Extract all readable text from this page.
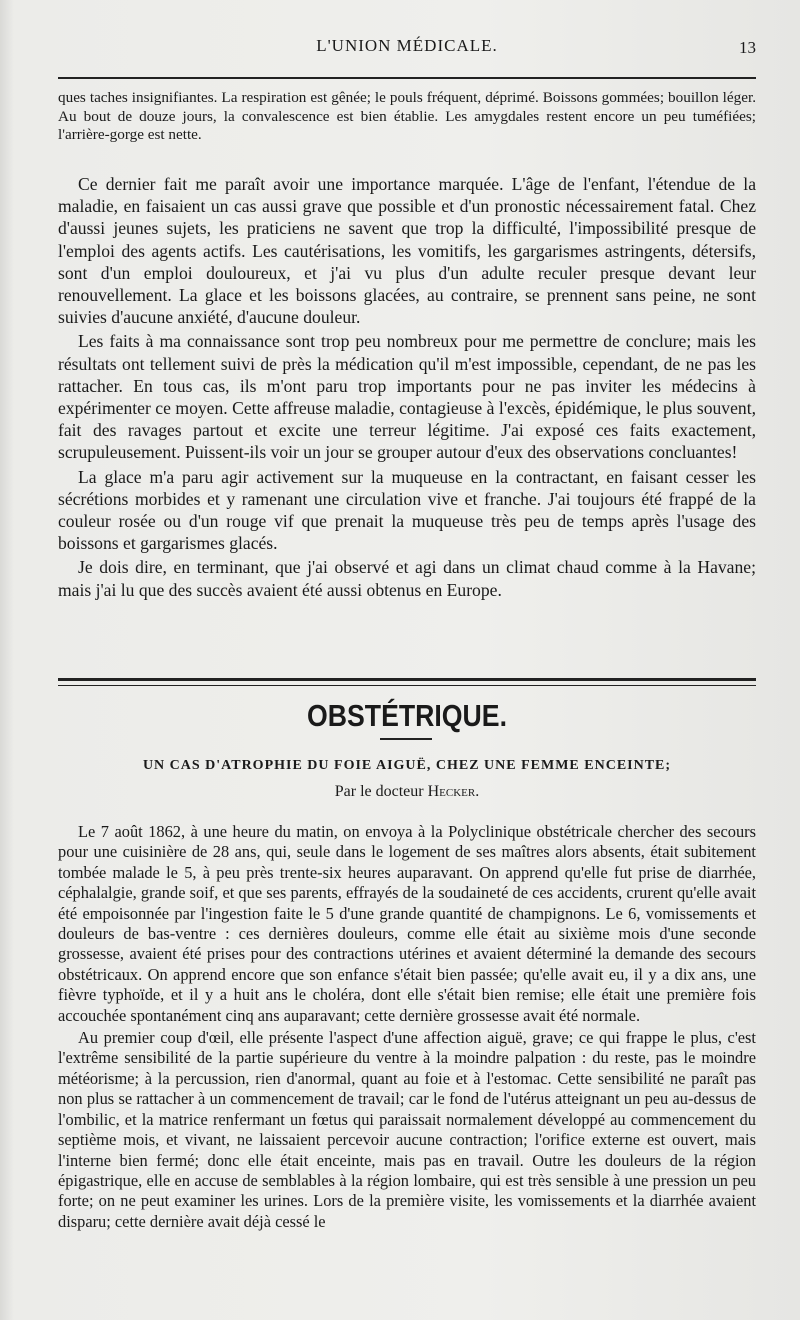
L'UNION MÉDICALE.	13

ques taches insignifiantes. La respiration est gênée; le pouls fréquent, déprimé. Boissons gommées; bouillon léger. Au bout de douze jours, la convalescence est bien établie. Les amygdales restent encore un peu tuméfiées; l'arrière-gorge est nette.

Ce dernier fait me paraît avoir une importance marquée. L'âge de l'enfant, l'étendue de la maladie, en faisaient un cas aussi grave que possible et d'un pronostic nécessairement fatal. Chez d'aussi jeunes sujets, les praticiens ne savent que trop la difficulté, l'impossibilité presque de l'emploi des agents actifs. Les cautérisations, les vomitifs, les gargarismes astringents, détersifs, sont d'un emploi douloureux, et j'ai vu plus d'un adulte reculer presque devant leur renouvellement. La glace et les boissons glacées, au contraire, se prennent sans peine, ne sont suivies d'aucune anxiété, d'aucune douleur.

Les faits à ma connaissance sont trop peu nombreux pour me permettre de conclure; mais les résultats ont tellement suivi de près la médication qu'il m'est impossible, cependant, de ne pas les rattacher. En tous cas, ils m'ont paru trop importants pour ne pas inviter les médecins à expérimenter ce moyen. Cette affreuse maladie, contagieuse à l'excès, épidémique, le plus souvent, fait des ravages partout et excite une terreur légitime. J'ai exposé ces faits exactement, scrupuleusement. Puissent-ils voir un jour se grouper autour d'eux des observations concluantes!

La glace m'a paru agir activement sur la muqueuse en la contractant, en faisant cesser les sécrétions morbides et y ramenant une circulation vive et franche. J'ai toujours été frappé de la couleur rosée ou d'un rouge vif que prenait la muqueuse très peu de temps après l'usage des boissons et gargarismes glacés.

Je dois dire, en terminant, que j'ai observé et agi dans un climat chaud comme à la Havane; mais j'ai lu que des succès avaient été aussi obtenus en Europe.

OBSTÉTRIQUE.
UN CAS D'ATROPHIE DU FOIE AIGUË, CHEZ UNE FEMME ENCEINTE;
Par le docteur Hecker.

Le 7 août 1862, à une heure du matin, on envoya à la Polyclinique obstétricale chercher des secours pour une cuisinière de 28 ans, qui, seule dans le logement de ses maîtres alors absents, était subitement tombée malade le 5, à peu près trente-six heures auparavant. On apprend qu'elle fut prise de diarrhée, céphalalgie, grande soif, et que ses parents, effrayés de la soudaineté de ces accidents, crurent qu'elle avait été empoisonnée par l'ingestion faite le 5 d'une grande quantité de champignons. Le 6, vomissements et douleurs de bas-ventre : ces dernières douleurs, comme elle était au sixième mois d'une seconde grossesse, avaient été prises pour des contractions utérines et avaient déterminé la demande des secours obstétricaux. On apprend encore que son enfance s'était bien passée; qu'elle avait eu, il y a dix ans, une fièvre typhoïde, et il y a huit ans le choléra, dont elle s'était bien remise; elle était une première fois accouchée spontanément cinq ans auparavant; cette dernière grossesse avait été normale.

Au premier coup d'œil, elle présente l'aspect d'une affection aiguë, grave; ce qui frappe le plus, c'est l'extrême sensibilité de la partie supérieure du ventre à la moindre palpation : du reste, pas le moindre météorisme; à la percussion, rien d'anormal, quant au foie et à l'estomac. Cette sensibilité ne paraît pas non plus se rattacher à un commencement de travail; car le fond de l'utérus atteignant un peu au-dessus de l'ombilic, et la matrice renfermant un fœtus qui paraissait normalement développé au commencement du septième mois, et vivant, ne laissaient percevoir aucune contraction; l'orifice externe est ouvert, mais l'interne bien fermé; donc elle était enceinte, mais pas en travail. Outre les douleurs de la région épigastrique, elle en accuse de semblables à la région lombaire, qui est très sensible à une pression un peu forte; on ne peut examiner les urines. Lors de la première visite, les vomissements et la diarrhée avaient disparu; cette dernière avait déjà cessé le
